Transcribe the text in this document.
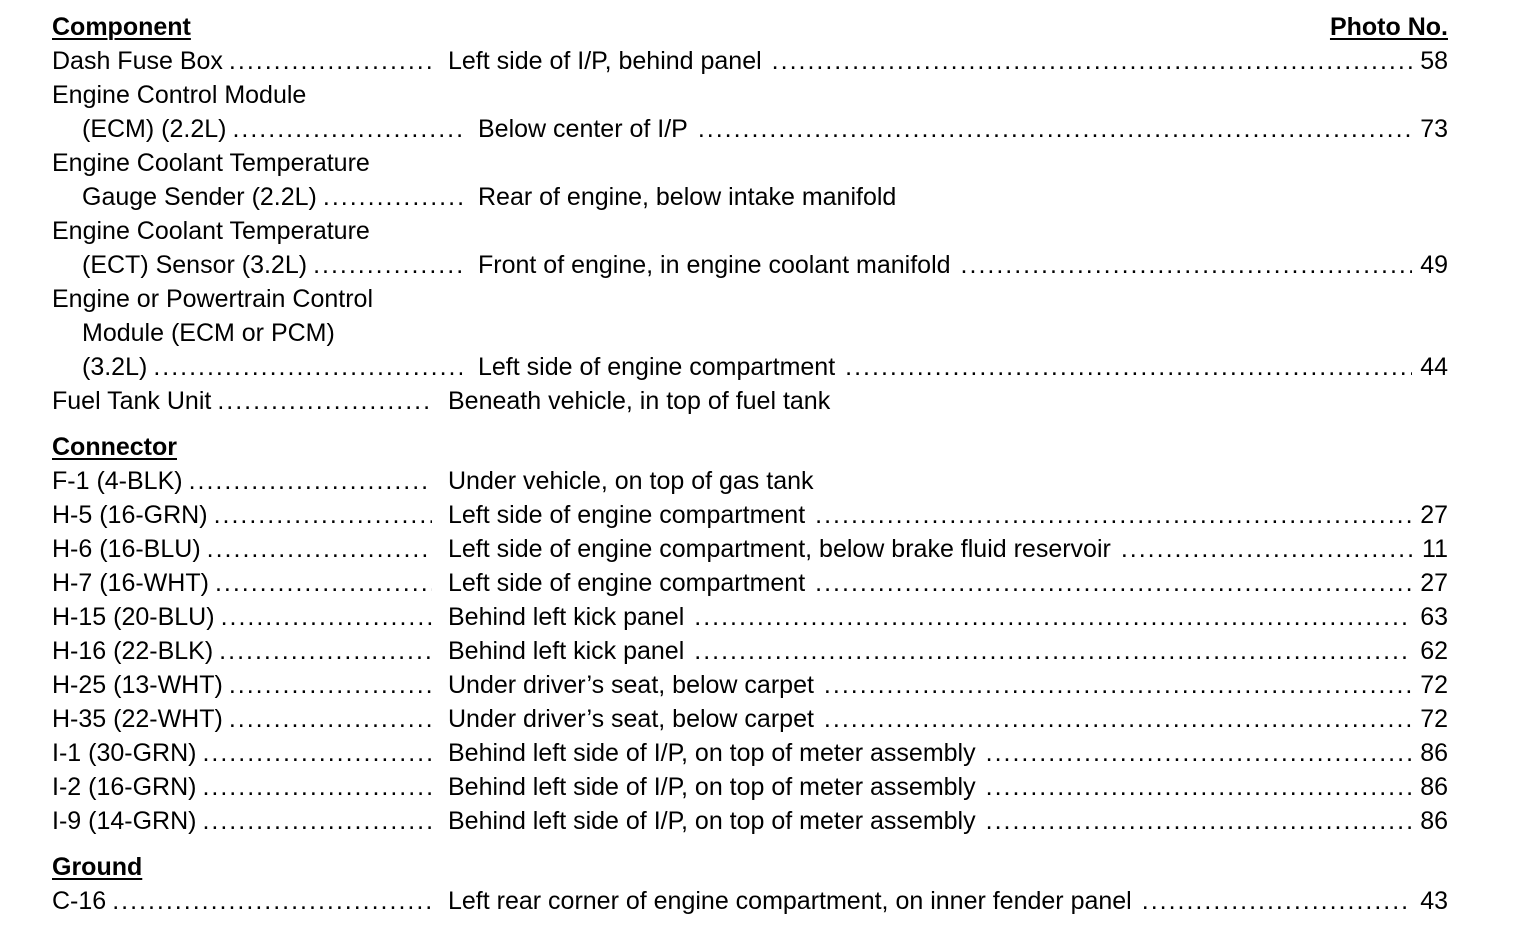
Component	Photo No.
Dash Fuse Box .....	Left side of I/P, behind panel .....	58
Engine Control Module
(ECM) (2.2L) .....	Below center of I/P .....	73
Engine Coolant Temperature
Gauge Sender (2.2L) .....	Rear of engine, below intake manifold
Engine Coolant Temperature
(ECT) Sensor (3.2L) .....	Front of engine, in engine coolant manifold .....	49
Engine or Powertrain Control
Module (ECM or PCM)
(3.2L) .....	Left side of engine compartment .....	44
Fuel Tank Unit .....	Beneath vehicle, in top of fuel tank
Connector
F-1 (4-BLK) .....	Under vehicle, on top of gas tank
H-5 (16-GRN) .....	Left side of engine compartment .....	27
H-6 (16-BLU) .....	Left side of engine compartment, below brake fluid reservoir .....	11
H-7 (16-WHT) .....	Left side of engine compartment .....	27
H-15 (20-BLU) .....	Behind left kick panel .....	63
H-16 (22-BLK) .....	Behind left kick panel .....	62
H-25 (13-WHT) .....	Under driver’s seat, below carpet .....	72
H-35 (22-WHT) .....	Under driver’s seat, below carpet .....	72
I-1 (30-GRN) .....	Behind left side of I/P, on top of meter assembly .....	86
I-2 (16-GRN) .....	Behind left side of I/P, on top of meter assembly .....	86
I-9 (14-GRN) .....	Behind left side of I/P, on top of meter assembly .....	86
Ground
C-16 .....	Left rear corner of engine compartment, on inner fender panel .....	43
